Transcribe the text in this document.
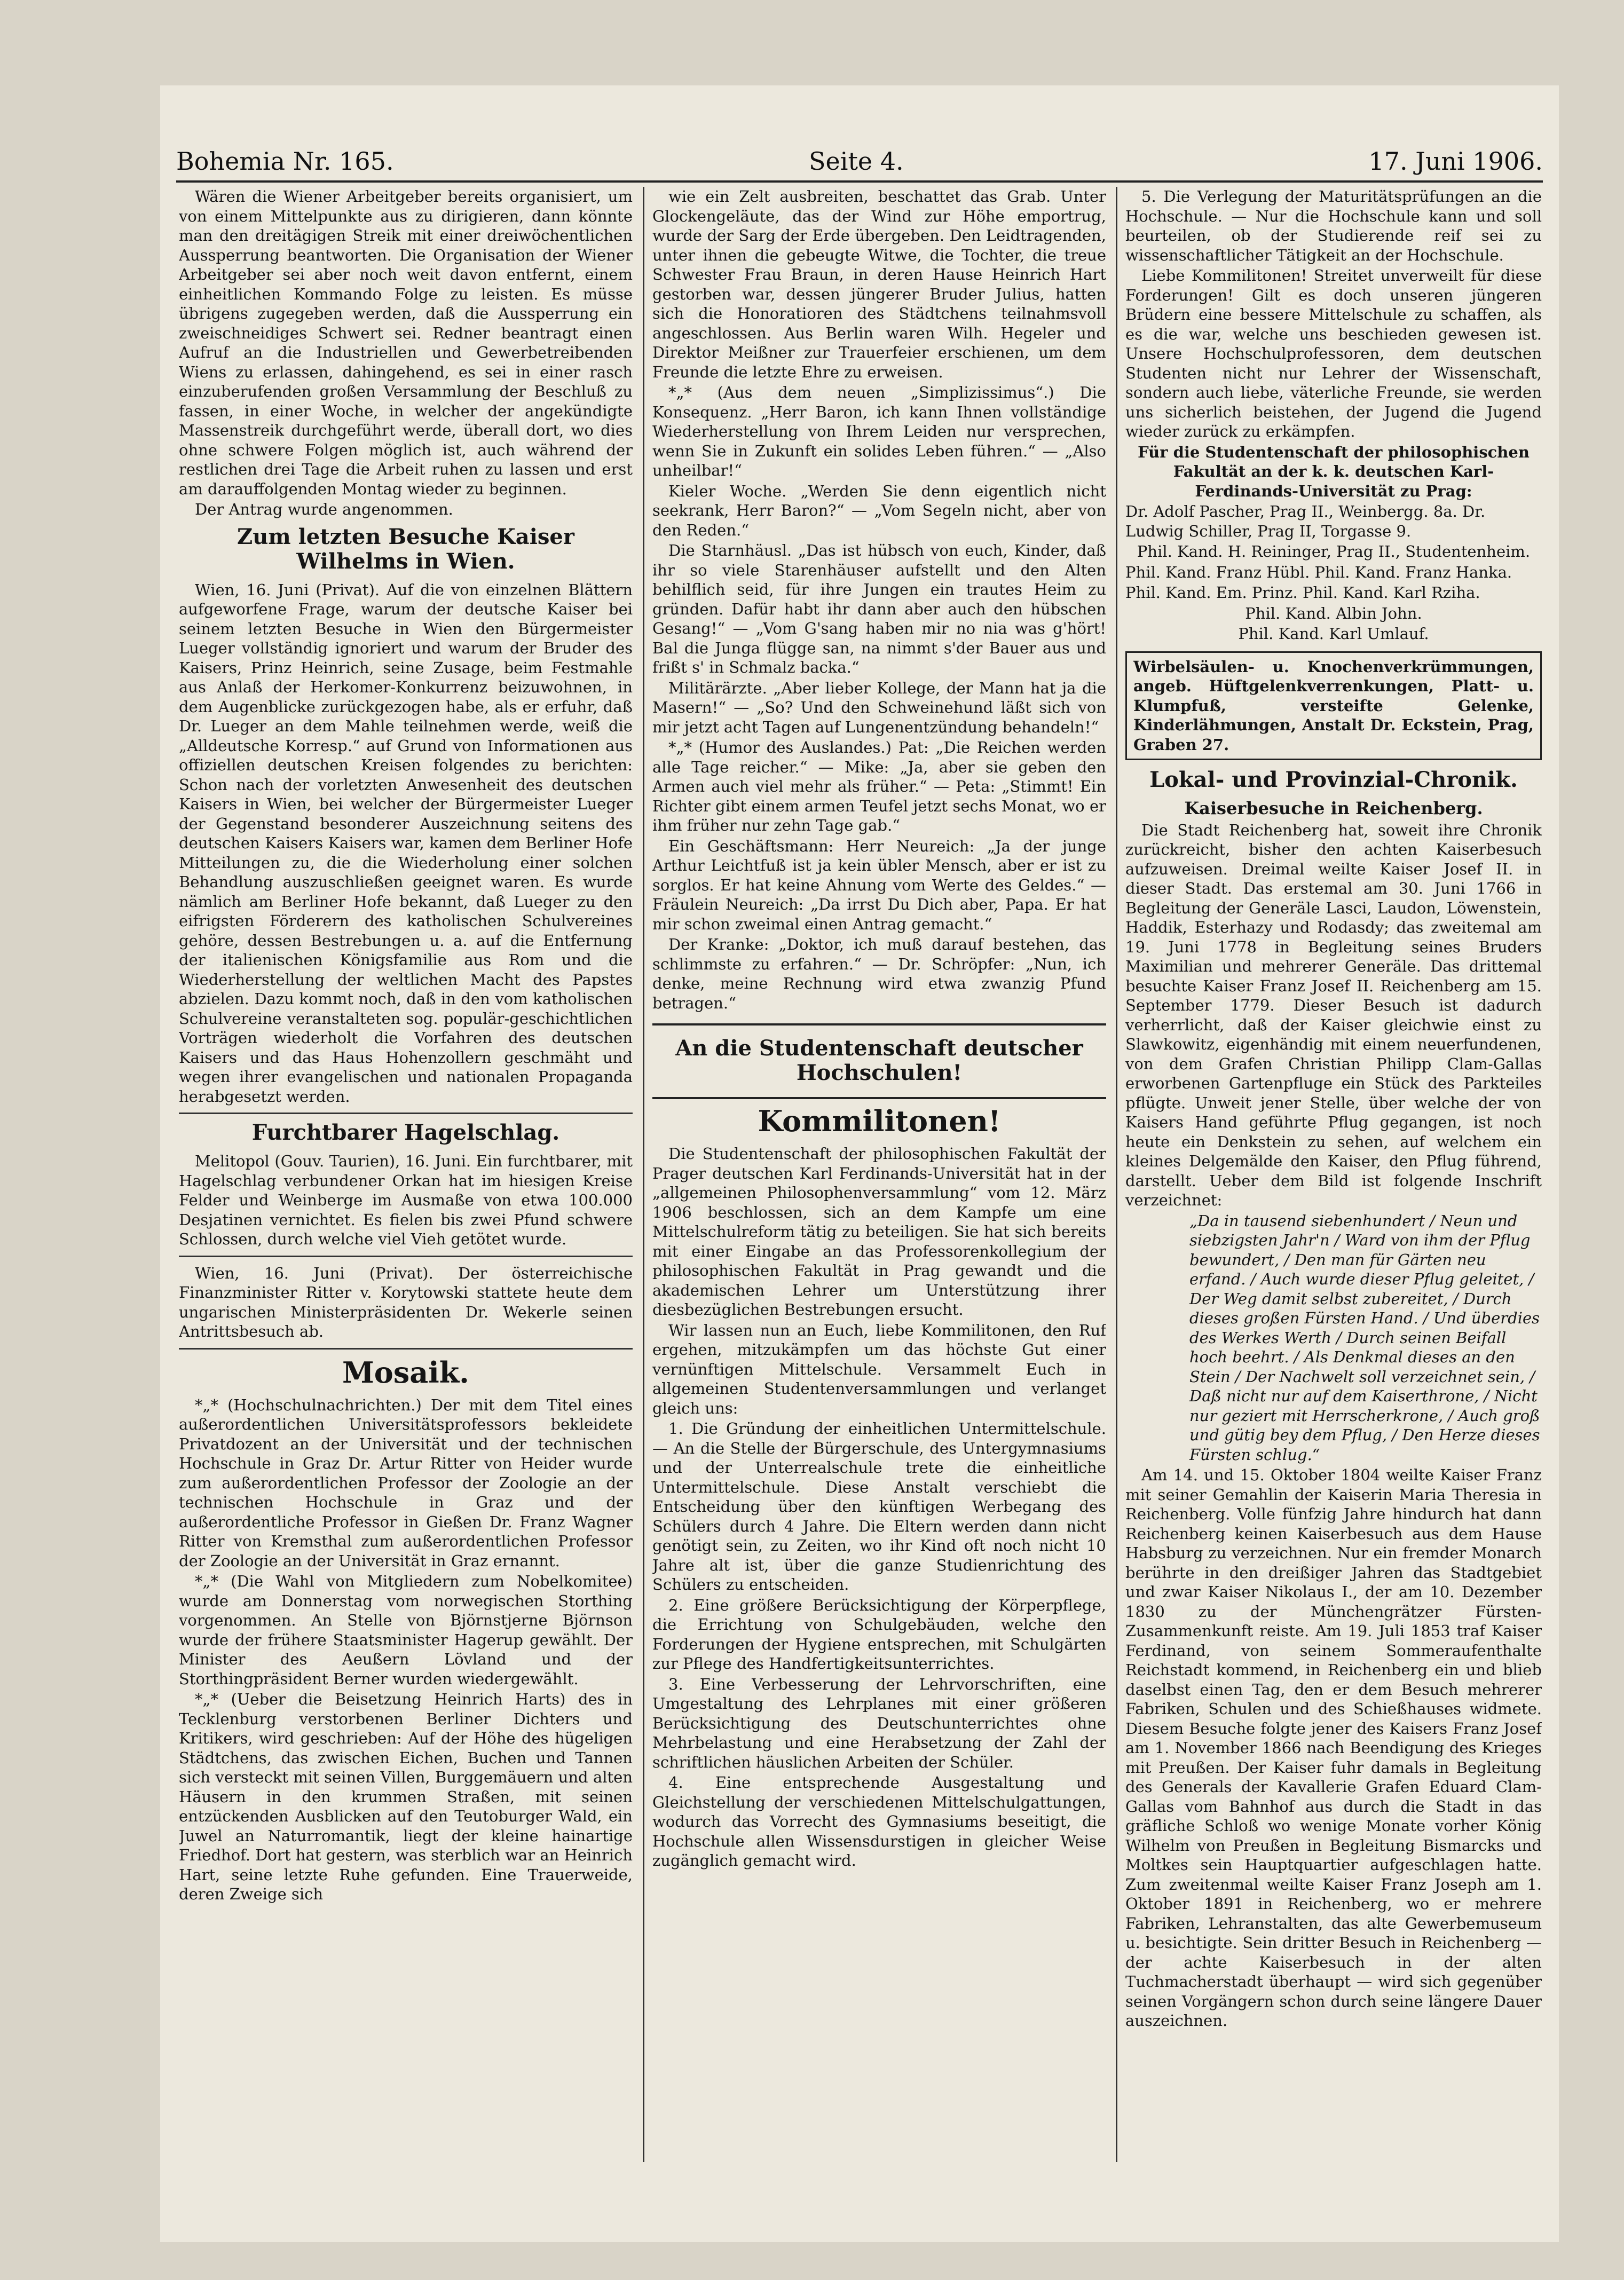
Bohemia Nr. 165.	Seite 4.	17. Juni 1906.

Wären die Wiener Arbeitgeber bereits organisiert, um von einem Mittelpunkte aus zu dirigieren, dann könnte man den dreitägigen Streik mit einer dreiwöchentlichen Aussperrung beantworten. Die Organisation der Wiener Arbeitgeber sei aber noch weit davon entfernt, einem einheitlichen Kommando Folge zu leisten. Es müsse übrigens zugegeben werden, daß die Aussperrung ein zweischneidiges Schwert sei. Redner beantragt einen Aufruf an die Industriellen und Gewerbetreibenden Wiens zu erlassen, dahingehend, es sei in einer rasch einzuberufenden großen Versammlung der Beschluß zu fassen, in einer Woche, in welcher der angekündigte Massenstreik durchgeführt werde, überall dort, wo dies ohne schwere Folgen möglich ist, auch während der restlichen drei Tage die Arbeit ruhen zu lassen und erst am darauffolgenden Montag wieder zu beginnen.

Der Antrag wurde angenommen.

Zum letzten Besuche Kaiser Wilhelms in Wien.

Wien, 16. Juni (Privat). Auf die von einzelnen Blättern aufgeworfene Frage, warum der deutsche Kaiser bei seinem letzten Besuche in Wien den Bürgermeister Lueger vollständig ignoriert und warum der Bruder des Kaisers, Prinz Heinrich, seine Zusage, beim Festmahle aus Anlaß der Herkomer-Konkurrenz beizuwohnen, in dem Augenblicke zurückgezogen habe, als er erfuhr, daß Dr. Lueger an dem Mahle teilnehmen werde, weiß die „Alldeutsche Korresp.“ auf Grund von Informationen aus offiziellen deutschen Kreisen folgendes zu berichten: Schon nach der vorletzten Anwesenheit des deutschen Kaisers in Wien, bei welcher der Bürgermeister Lueger der Gegenstand besonderer Auszeichnung seitens des deutschen Kaisers Kaisers war, kamen dem Berliner Hofe Mitteilungen zu, die die Wiederholung einer solchen Behandlung auszuschließen geeignet waren. Es wurde nämlich am Berliner Hofe bekannt, daß Lueger zu den eifrigsten Förderern des katholischen Schulvereines gehöre, dessen Bestrebungen u. a. auf die Entfernung der italienischen Königsfamilie aus Rom und die Wiederherstellung der weltlichen Macht des Papstes abzielen. Dazu kommt noch, daß in den vom katholischen Schulvereine veranstalteten sog. populär-geschichtlichen Vorträgen wiederholt die Vorfahren des deutschen Kaisers und das Haus Hohenzollern geschmäht und wegen ihrer evangelischen und nationalen Propaganda herabgesetzt werden.

Furchtbarer Hagelschlag.

Melitopol (Gouv. Taurien), 16. Juni. Ein furchtbarer, mit Hagelschlag verbundener Orkan hat im hiesigen Kreise Felder und Weinberge im Ausmaße von etwa 100.000 Desjatinen vernichtet. Es fielen bis zwei Pfund schwere Schlossen, durch welche viel Vieh getötet wurde.

Wien, 16. Juni (Privat). Der österreichische Finanzminister Ritter v. Korytowski stattete heute dem ungarischen Ministerpräsidenten Dr. Wekerle seinen Antrittsbesuch ab.

Mosaik.

*„* (Hochschulnachrichten.) Der mit dem Titel eines außerordentlichen Universitätsprofessors bekleidete Privatdozent an der Universität und der technischen Hochschule in Graz Dr. Artur Ritter von Heider wurde zum außerordentlichen Professor der Zoologie an der technischen Hochschule in Graz und der außerordentliche Professor in Gießen Dr. Franz Wagner Ritter von Kremsthal zum außerordentlichen Professor der Zoologie an der Universität in Graz ernannt.

*„* (Die Wahl von Mitgliedern zum Nobelkomitee) wurde am Donnerstag vom norwegischen Storthing vorgenommen. An Stelle von Björnstjerne Björnson wurde der frühere Staatsminister Hagerup gewählt. Der Minister des Aeußern Lövland und der Storthingpräsident Berner wurden wiedergewählt.

*„* (Ueber die Beisetzung Heinrich Harts) des in Tecklenburg verstorbenen Berliner Dichters und Kritikers, wird geschrieben: Auf der Höhe des hügeligen Städtchens, das zwischen Eichen, Buchen und Tannen sich versteckt mit seinen Villen, Burggemäuern und alten Häusern in den krummen Straßen, mit seinen entzückenden Ausblicken auf den Teutoburger Wald, ein Juwel an Naturromantik, liegt der kleine hainartige Friedhof. Dort hat gestern, was sterblich war an Heinrich Hart, seine letzte Ruhe gefunden. Eine Trauerweide, deren Zweige sich

wie ein Zelt ausbreiten, beschattet das Grab. Unter Glockengeläute, das der Wind zur Höhe emportrug, wurde der Sarg der Erde übergeben. Den Leidtragenden, unter ihnen die gebeugte Witwe, die Tochter, die treue Schwester Frau Braun, in deren Hause Heinrich Hart gestorben war, dessen jüngerer Bruder Julius, hatten sich die Honoratioren des Städtchens teilnahmsvoll angeschlossen. Aus Berlin waren Wilh. Hegeler und Direktor Meißner zur Trauerfeier erschienen, um dem Freunde die letzte Ehre zu erweisen.

*„* (Aus dem neuen „Simplizissimus“.) Die Konsequenz. „Herr Baron, ich kann Ihnen vollständige Wiederherstellung von Ihrem Leiden nur versprechen, wenn Sie in Zukunft ein solides Leben führen.“ — „Also unheilbar!“

Kieler Woche. „Werden Sie denn eigentlich nicht seekrank, Herr Baron?“ — „Vom Segeln nicht, aber von den Reden.“

Die Starnhäusl. „Das ist hübsch von euch, Kinder, daß ihr so viele Starenhäuser aufstellt und den Alten behilflich seid, für ihre Jungen ein trautes Heim zu gründen. Dafür habt ihr dann aber auch den hübschen Gesang!“ — „Vom G'sang haben mir no nia was g'hört! Bal die Junga flügge san, na nimmt s'der Bauer aus und frißt s' in Schmalz backa.“

Militärärzte. „Aber lieber Kollege, der Mann hat ja die Masern!“ — „So? Und den Schweinehund läßt sich von mir jetzt acht Tagen auf Lungenentzündung behandeln!“

*„* (Humor des Auslandes.) Pat: „Die Reichen werden alle Tage reicher.“ — Mike: „Ja, aber sie geben den Armen auch viel mehr als früher.“ — Peta: „Stimmt! Ein Richter gibt einem armen Teufel jetzt sechs Monat, wo er ihm früher nur zehn Tage gab.“

Ein Geschäftsmann: Herr Neureich: „Ja der junge Arthur Leichtfuß ist ja kein übler Mensch, aber er ist zu sorglos. Er hat keine Ahnung vom Werte des Geldes.“ — Fräulein Neureich: „Da irrst Du Dich aber, Papa. Er hat mir schon zweimal einen Antrag gemacht.“

Der Kranke: „Doktor, ich muß darauf bestehen, das schlimmste zu erfahren.“ — Dr. Schröpfer: „Nun, ich denke, meine Rechnung wird etwa zwanzig Pfund betragen.“

An die Studentenschaft deutscher Hochschulen!
Kommilitonen!

Die Studentenschaft der philosophischen Fakultät der Prager deutschen Karl Ferdinands-Universität hat in der „allgemeinen Philosophenversammlung“ vom 12. März 1906 beschlossen, sich an dem Kampfe um eine Mittelschulreform tätig zu beteiligen. Sie hat sich bereits mit einer Eingabe an das Professorenkollegium der philosophischen Fakultät in Prag gewandt und die akademischen Lehrer um Unterstützung ihrer diesbezüglichen Bestrebungen ersucht.

Wir lassen nun an Euch, liebe Kommilitonen, den Ruf ergehen, mitzukämpfen um das höchste Gut einer vernünftigen Mittelschule. Versammelt Euch in allgemeinen Studentenversammlungen und verlanget gleich uns:

1. Die Gründung der einheitlichen Untermittelschule. — An die Stelle der Bürgerschule, des Untergymnasiums und der Unterrealschule trete die einheitliche Untermittelschule. Diese Anstalt verschiebt die Entscheidung über den künftigen Werbegang des Schülers durch 4 Jahre. Die Eltern werden dann nicht genötigt sein, zu Zeiten, wo ihr Kind oft noch nicht 10 Jahre alt ist, über die ganze Studienrichtung des Schülers zu entscheiden.

2. Eine größere Berücksichtigung der Körperpflege, die Errichtung von Schulgebäuden, welche den Forderungen der Hygiene entsprechen, mit Schulgärten zur Pflege des Handfertigkeitsunterrichtes.

3. Eine Verbesserung der Lehrvorschriften, eine Umgestaltung des Lehrplanes mit einer größeren Berücksichtigung des Deutschunterrichtes ohne Mehrbelastung und eine Herabsetzung der Zahl der schriftlichen häuslichen Arbeiten der Schüler.

4. Eine entsprechende Ausgestaltung und Gleichstellung der verschiedenen Mittelschulgattungen, wodurch das Vorrecht des Gymnasiums beseitigt, die Hochschule allen Wissensdurstigen in gleicher Weise zugänglich gemacht wird.

5. Die Verlegung der Maturitätsprüfungen an die Hochschule. — Nur die Hochschule kann und soll beurteilen, ob der Studierende reif sei zu wissenschaftlicher Tätigkeit an der Hochschule.

Liebe Kommilitonen! Streitet unverweilt für diese Forderungen! Gilt es doch unseren jüngeren Brüdern eine bessere Mittelschule zu schaffen, als es die war, welche uns beschieden gewesen ist. Unsere Hochschulprofessoren, dem deutschen Studenten nicht nur Lehrer der Wissenschaft, sondern auch liebe, väterliche Freunde, sie werden uns sicherlich beistehen, der Jugend die Jugend wieder zurück zu erkämpfen.

Für die Studentenschaft der philosophischen Fakultät an der k. k. deutschen Karl-Ferdinands-Universität zu Prag:

Dr. Adolf Pascher, Prag II., Weinbergg. 8a. Dr. Ludwig Schiller, Prag II, Torgasse 9.

Phil. Kand. H. Reininger, Prag II., Studentenheim.

Phil. Kand. Franz Hübl. Phil. Kand. Franz Hanka.

Phil. Kand. Em. Prinz. Phil. Kand. Karl Rziha.

Phil. Kand. Albin John.

Phil. Kand. Karl Umlauf.

Wirbelsäulen- u. Knochenverkrümmungen, angeb. Hüftgelenkverrenkungen, Platt- u. Klumpfuß, versteifte Gelenke, Kinderlähmungen, Anstalt Dr. Eckstein, Prag, Graben 27.
Lokal- und Provinzial-Chronik.
Kaiserbesuche in Reichenberg.

Die Stadt Reichenberg hat, soweit ihre Chronik zurückreicht, bisher den achten Kaiserbesuch aufzuweisen. Dreimal weilte Kaiser Josef II. in dieser Stadt. Das erstemal am 30. Juni 1766 in Begleitung der Generäle Lasci, Laudon, Löwenstein, Haddik, Esterhazy und Rodasdy; das zweitemal am 19. Juni 1778 in Begleitung seines Bruders Maximilian und mehrerer Generäle. Das drittemal besuchte Kaiser Franz Josef II. Reichenberg am 15. September 1779. Dieser Besuch ist dadurch verherrlicht, daß der Kaiser gleichwie einst zu Slawkowitz, eigenhändig mit einem neuerfundenen, von dem Grafen Christian Philipp Clam-Gallas erworbenen Gartenpfluge ein Stück des Parkteiles pflügte. Unweit jener Stelle, über welche der von Kaisers Hand geführte Pflug gegangen, ist noch heute ein Denkstein zu sehen, auf welchem ein kleines Delgemälde den Kaiser, den Pflug führend, darstellt. Ueber dem Bild ist folgende Inschrift verzeichnet:

„Da in tausend siebenhundert / Neun und siebzigsten Jahr'n / Ward von ihm der Pflug bewundert, / Den man für Gärten neu erfand. / Auch wurde dieser Pflug geleitet, / Der Weg damit selbst zubereitet, / Durch dieses großen Fürsten Hand. / Und überdies des Werkes Werth / Durch seinen Beifall hoch beehrt. / Als Denkmal dieses an den Stein / Der Nachwelt soll verzeichnet sein, / Daß nicht nur auf dem Kaiserthrone, / Nicht nur geziert mit Herrscherkrone, / Auch groß und gütig bey dem Pflug, / Den Herze dieses Fürsten schlug.“

Am 14. und 15. Oktober 1804 weilte Kaiser Franz mit seiner Gemahlin der Kaiserin Maria Theresia in Reichenberg. Volle fünfzig Jahre hindurch hat dann Reichenberg keinen Kaiserbesuch aus dem Hause Habsburg zu verzeichnen. Nur ein fremder Monarch berührte in den dreißiger Jahren das Stadtgebiet und zwar Kaiser Nikolaus I., der am 10. Dezember 1830 zu der Münchengrätzer Fürsten-Zusammenkunft reiste. Am 19. Juli 1853 traf Kaiser Ferdinand, von seinem Sommeraufenthalte Reichstadt kommend, in Reichenberg ein und blieb daselbst einen Tag, den er dem Besuch mehrerer Fabriken, Schulen und des Schießhauses widmete. Diesem Besuche folgte jener des Kaisers Franz Josef am 1. November 1866 nach Beendigung des Krieges mit Preußen. Der Kaiser fuhr damals in Begleitung des Generals der Kavallerie Grafen Eduard Clam-Gallas vom Bahnhof aus durch die Stadt in das gräfliche Schloß wo wenige Monate vorher König Wilhelm von Preußen in Begleitung Bismarcks und Moltkes sein Hauptquartier aufgeschlagen hatte. Zum zweitenmal weilte Kaiser Franz Joseph am 1. Oktober 1891 in Reichenberg, wo er mehrere Fabriken, Lehranstalten, das alte Gewerbemuseum u. besichtigte. Sein dritter Besuch in Reichenberg — der achte Kaiserbesuch in der alten Tuchmacherstadt überhaupt — wird sich gegenüber seinen Vorgängern schon durch seine längere Dauer auszeichnen.
